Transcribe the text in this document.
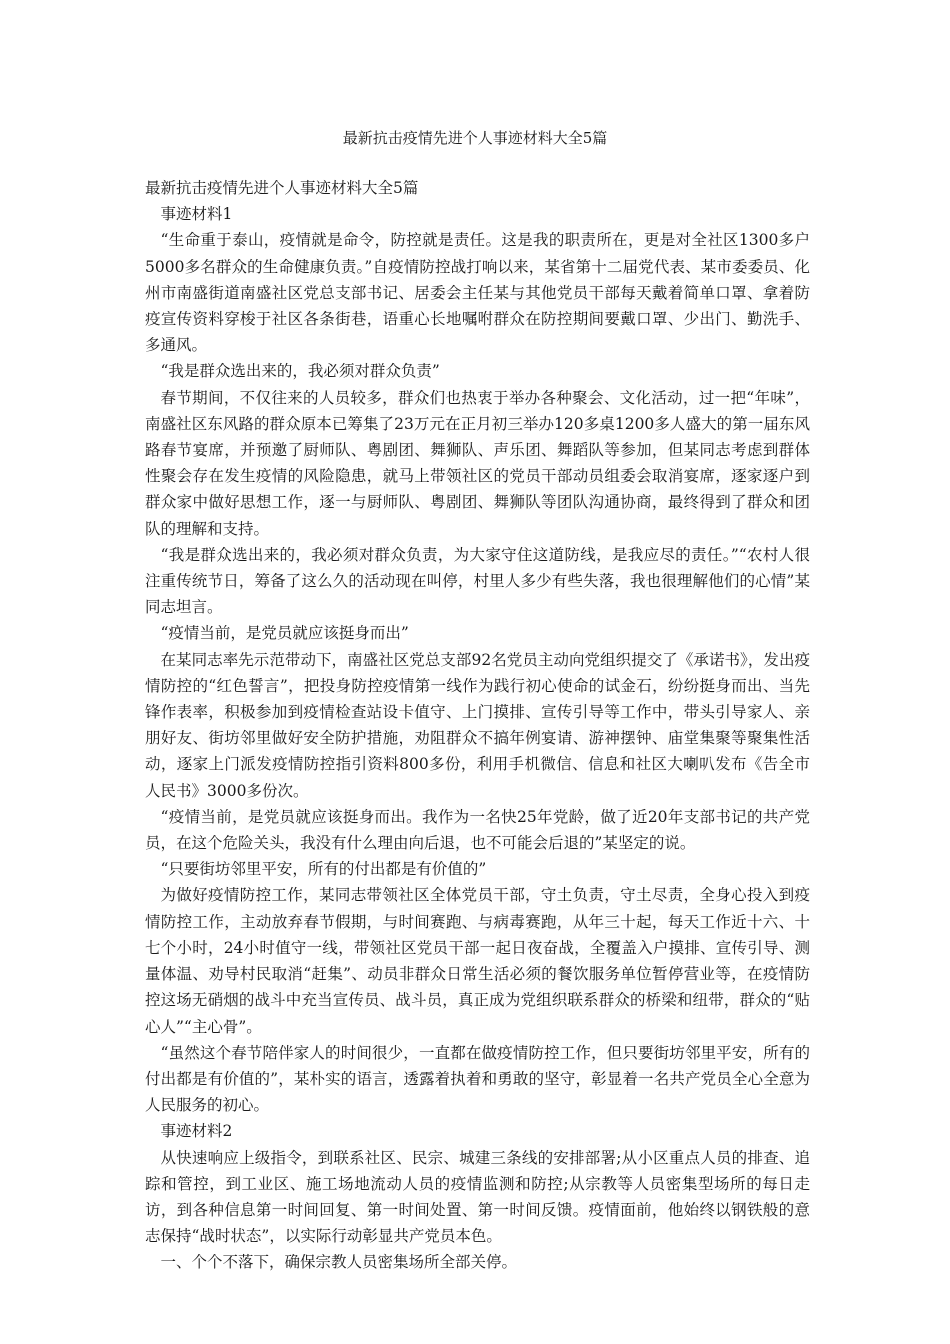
最新抗击疫情先进个人事迹材料大全5篇

最新抗击疫情先进个人事迹材料大全5篇

事迹材料1

“生命重于泰山，疫情就是命令，防控就是责任。这是我的职责所在，更是对全社区1300多户5000多名群众的生命健康负责。”自疫情防控战打响以来，某省第十二届党代表、某市委委员、化州市南盛街道南盛社区党总支部书记、居委会主任某与其他党员干部每天戴着简单口罩、拿着防疫宣传资料穿梭于社区各条街巷，语重心长地嘱咐群众在防控期间要戴口罩、少出门、勤洗手、多通风。

“我是群众选出来的，我必须对群众负责”

春节期间，不仅往来的人员较多，群众们也热衷于举办各种聚会、文化活动，过一把“年味”，南盛社区东风路的群众原本已筹集了23万元在正月初三举办120多桌1200多人盛大的第一届东风路春节宴席，并预邀了厨师队、粤剧团、舞狮队、声乐团、舞蹈队等参加，但某同志考虑到群体性聚会存在发生疫情的风险隐患，就马上带领社区的党员干部动员组委会取消宴席，逐家逐户到群众家中做好思想工作，逐一与厨师队、粤剧团、舞狮队等团队沟通协商，最终得到了群众和团队的理解和支持。

“我是群众选出来的，我必须对群众负责，为大家守住这道防线，是我应尽的责任。”“农村人很注重传统节日，筹备了这么久的活动现在叫停，村里人多少有些失落，我也很理解他们的心情”某同志坦言。

“疫情当前，是党员就应该挺身而出”

在某同志率先示范带动下，南盛社区党总支部92名党员主动向党组织提交了《承诺书》，发出疫情防控的“红色誓言”，把投身防控疫情第一线作为践行初心使命的试金石，纷纷挺身而出、当先锋作表率，积极参加到疫情检查站设卡值守、上门摸排、宣传引导等工作中，带头引导家人、亲朋好友、街坊邻里做好安全防护措施，劝阻群众不搞年例宴请、游神摆钟、庙堂集聚等聚集性活动，逐家上门派发疫情防控指引资料800多份，利用手机微信、信息和社区大喇叭发布《告全市人民书》3000多份次。

“疫情当前，是党员就应该挺身而出。我作为一名快25年党龄，做了近20年支部书记的共产党员，在这个危险关头，我没有什么理由向后退，也不可能会后退的”某坚定的说。

“只要街坊邻里平安，所有的付出都是有价值的”

为做好疫情防控工作，某同志带领社区全体党员干部，守土负责，守土尽责，全身心投入到疫情防控工作，主动放弃春节假期，与时间赛跑、与病毒赛跑，从年三十起，每天工作近十六、十七个小时，24小时值守一线，带领社区党员干部一起日夜奋战，全覆盖入户摸排、宣传引导、测量体温、劝导村民取消“赶集”、动员非群众日常生活必须的餐饮服务单位暂停营业等，在疫情防控这场无硝烟的战斗中充当宣传员、战斗员，真正成为党组织联系群众的桥梁和纽带，群众的“贴心人”“主心骨”。

“虽然这个春节陪伴家人的时间很少，一直都在做疫情防控工作，但只要街坊邻里平安，所有的付出都是有价值的”，某朴实的语言，透露着执着和勇敢的坚守，彰显着一名共产党员全心全意为人民服务的初心。

事迹材料2

从快速响应上级指令，到联系社区、民宗、城建三条线的安排部署;从小区重点人员的排查、追踪和管控，到工业区、施工场地流动人员的疫情监测和防控;从宗教等人员密集型场所的每日走访，到各种信息第一时间回复、第一时间处置、第一时间反馈。疫情面前，他始终以钢铁般的意志保持“战时状态”，以实际行动彰显共产党员本色。

一、个个不落下，确保宗教人员密集场所全部关停。
